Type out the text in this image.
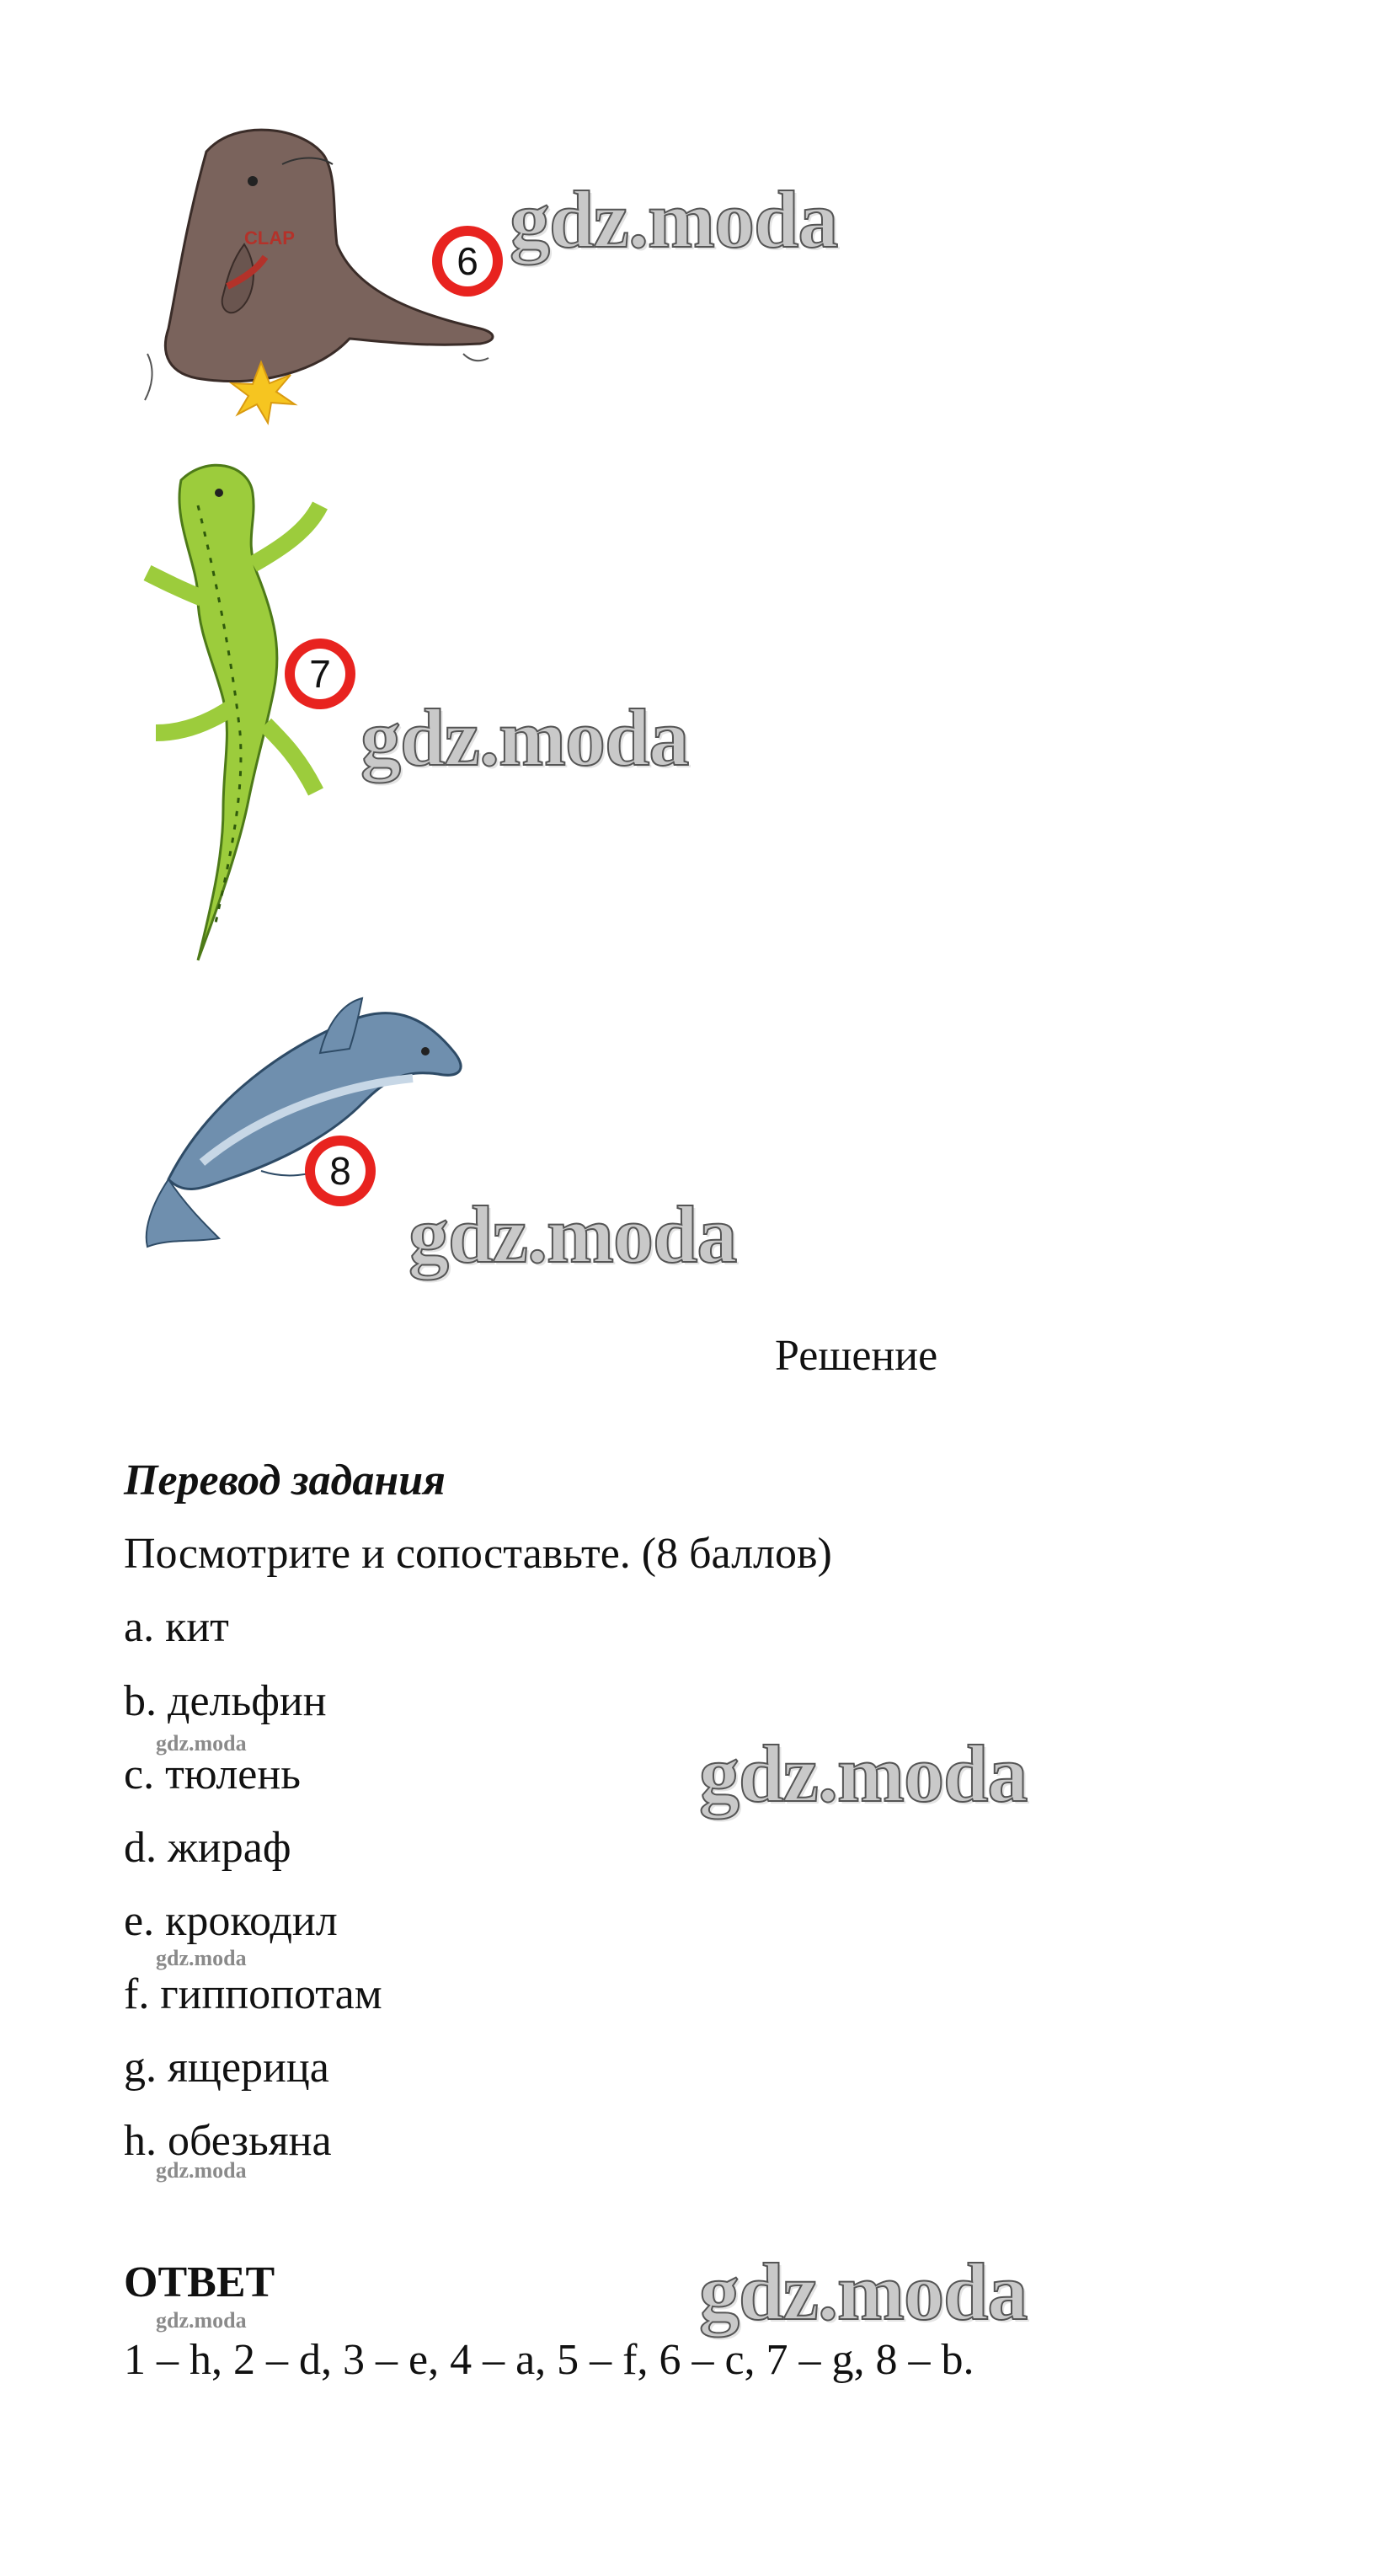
CLAP
6 gdz.moda
7
gdz.moda
8
gdz.moda
Решение
Перевод задания
Посмотрите и сопоставьте. (8 баллов)
a. кит
b. дельфин
gdz.moda
c. тюлень	gdz.moda
d. жираф
e. крокодил
gdz.moda
f. гиппопотам
g. ящерица
h. обезьяна
gdz.moda
ОТВЕТ	gdz.moda
gdz.moda
1 – h, 2 – d, 3 – e, 4 – a, 5 – f, 6 – c, 7 – g, 8 – b.
